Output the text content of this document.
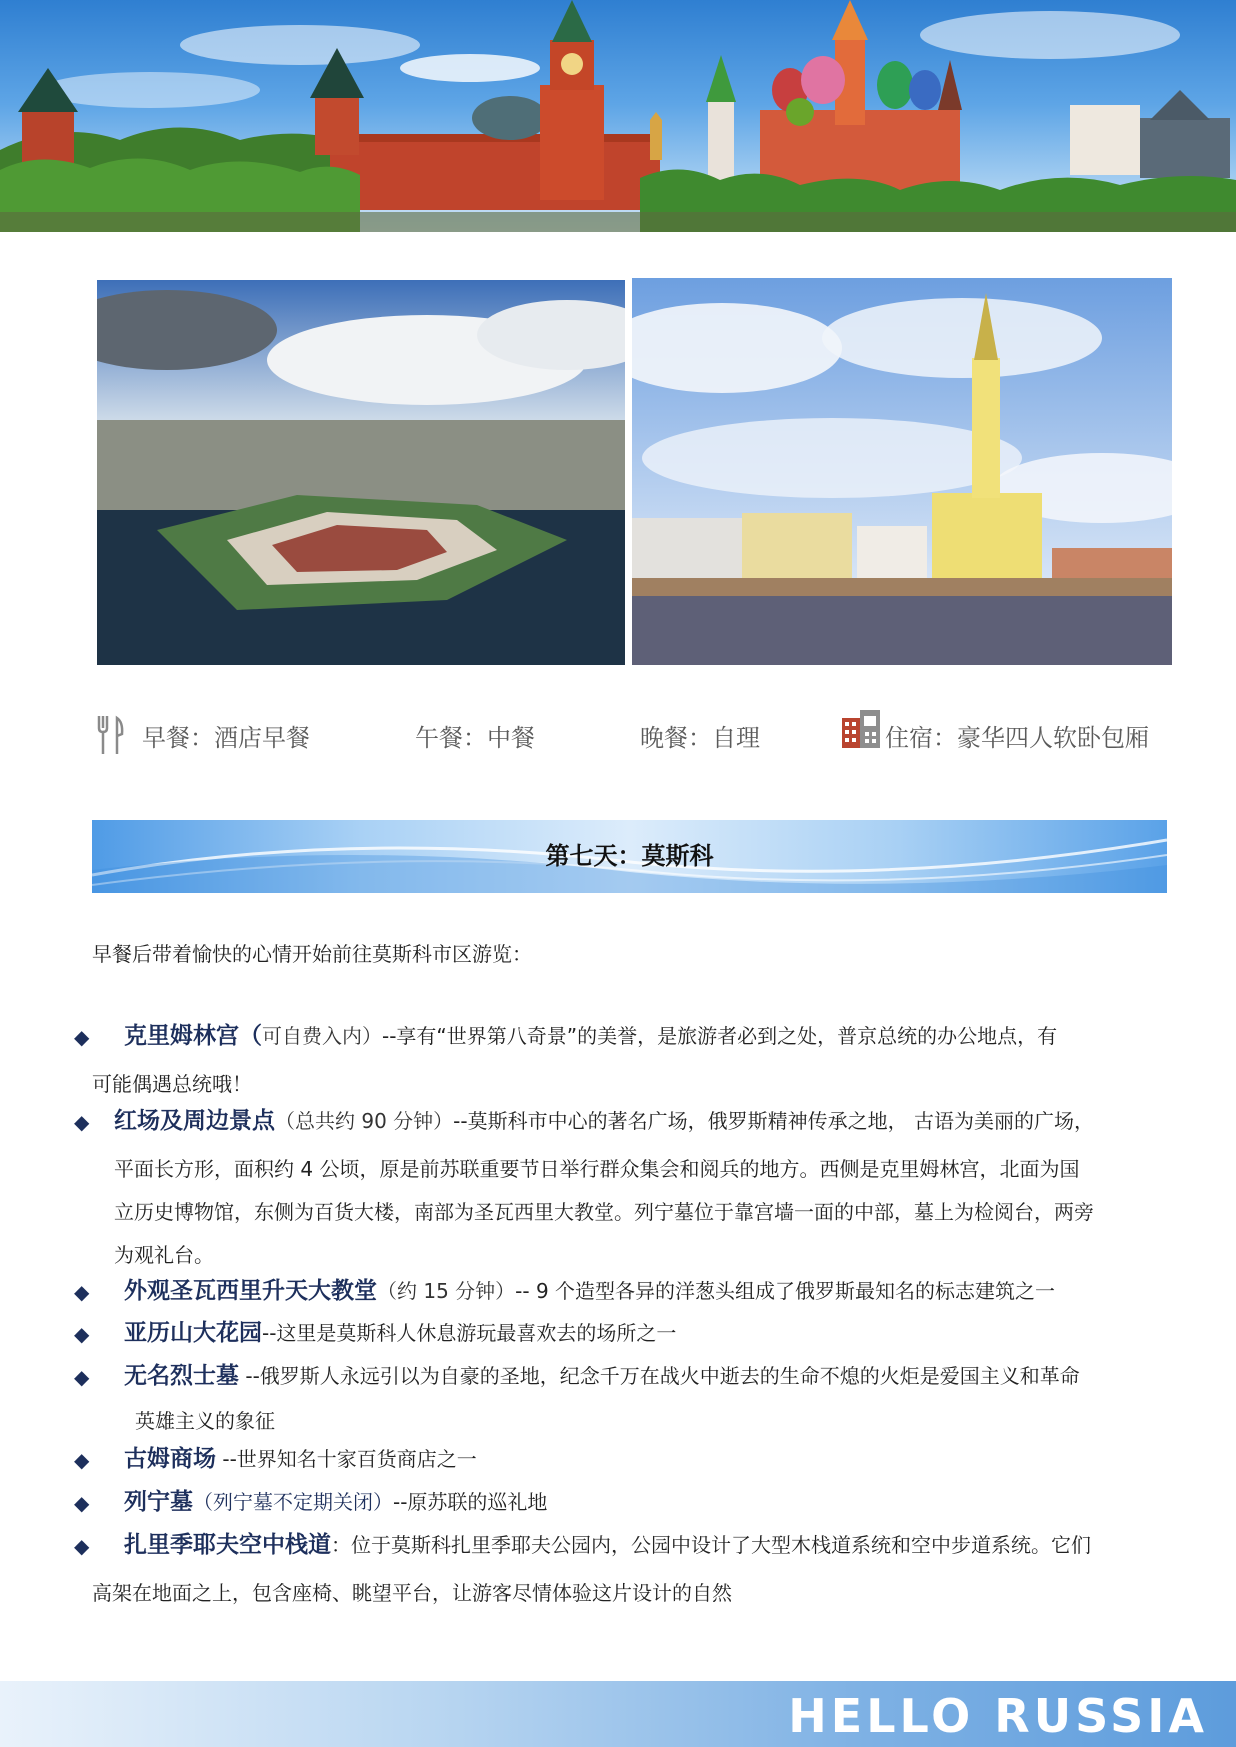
早餐：酒店早餐	午餐：中餐	晚餐：自理	住宿：豪华四人软卧包厢
第七天：莫斯科
早餐后带着愉快的心情开始前往莫斯科市区游览：
◆ 克里姆林宫（可自费入内）--享有“世界第八奇景”的美誉，是旅游者必到之处，普京总统的办公地点，有
可能偶遇总统哦！
◆ 红场及周边景点（总共约 90 分钟）--莫斯科市中心的著名广场，俄罗斯精神传承之地， 古语为美丽的广场，
平面长方形，面积约 4 公顷，原是前苏联重要节日举行群众集会和阅兵的地方。西侧是克里姆林宫，北面为国
立历史博物馆，东侧为百货大楼，南部为圣瓦西里大教堂。列宁墓位于靠宫墙一面的中部，墓上为检阅台，两旁
为观礼台。
◆ 外观圣瓦西里升天大教堂（约 15 分钟）-- 9 个造型各异的洋葱头组成了俄罗斯最知名的标志建筑之一
◆ 亚历山大花园--这里是莫斯科人休息游玩最喜欢去的场所之一
◆ 无名烈士墓 --俄罗斯人永远引以为自豪的圣地，纪念千万在战火中逝去的生命不熄的火炬是爱国主义和革命
英雄主义的象征
◆ 古姆商场 --世界知名十家百货商店之一
◆ 列宁墓（列宁墓不定期关闭）--原苏联的巡礼地
◆ 扎里季耶夫空中栈道：位于莫斯科扎里季耶夫公园内，公园中设计了大型木栈道系统和空中步道系统。它们
高架在地面之上，包含座椅、眺望平台，让游客尽情体验这片设计的自然
HELLO RUSSIA
